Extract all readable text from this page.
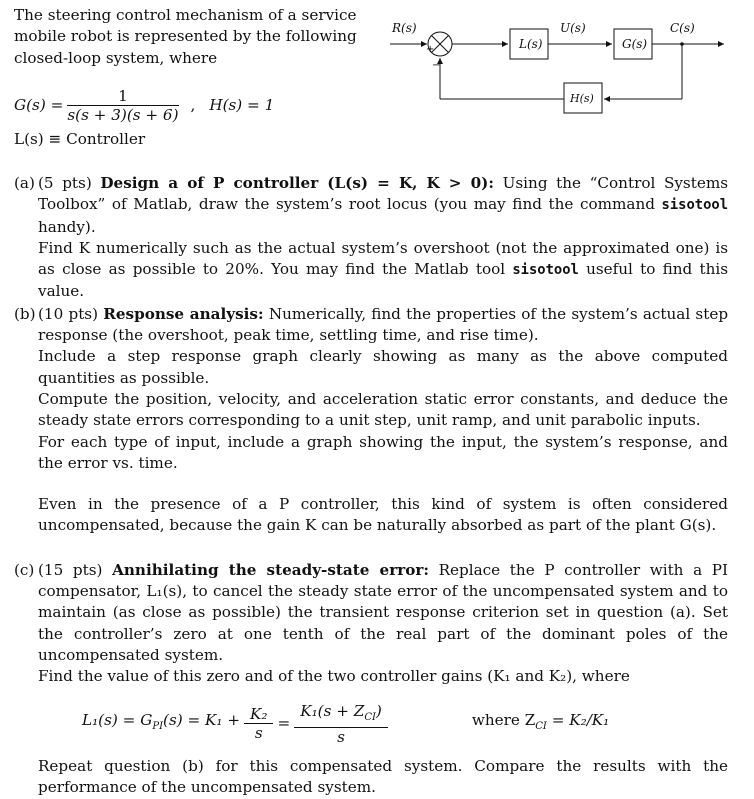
The steering control mechanism of a service mobile robot is represented by the following closed-loop system, where
$G(s) = \frac{1}{s(s + 3)(s + 6)}$ , H(s) = 1
L(s) ≡ Controller
R(s)
L(s)
U(s)
G(s)
C(s)
H(s)
+
−
(a) (5 pts) Design a of P controller (L(s) = K, K > 0): Using the “Control Systems Toolbox” of Matlab, draw the system’s root locus (you may find the command sisotool handy).

Find K numerically such as the actual system’s overshoot (not the approximated one) is as close as possible to 20%. You may find the Matlab tool sisotool useful to find this value.

(b) (10 pts) Response analysis: Numerically, find the properties of the system’s actual step response (the overshoot, peak time, settling time, and rise time).

Include a step response graph clearly showing as many as the above computed quantities as possible.

Compute the position, velocity, and acceleration static error constants, and deduce the steady state errors corresponding to a unit step, unit ramp, and unit parabolic inputs.

For each type of input, include a graph showing the input, the system’s response, and the error vs. time.

Even in the presence of a P controller, this kind of system is often considered uncompensated, because the gain K can be naturally absorbed as part of the plant G(s).

(c) (15 pts) Annihilating the steady-state error: Replace the P controller with a PI compensator, L₁(s), to cancel the steady state error of the uncompensated system and to maintain (as close as possible) the transient response criterion set in question (a). Set the controller’s zero at one tenth of the real part of the dominant poles of the uncompensated system.

Find the value of this zero and of the two controller gains (K₁ and K₂), where

$L_1(s) = G_{PI}(s) = K_1 + \frac{\text{K₂}}{s} = \frac{K_1(s + Z_{CI})}{s}$	where $Z_{CI} = K_2/K_1$

Repeat question (b) for this compensated system. Compare the results with the performance of the uncompensated system.
